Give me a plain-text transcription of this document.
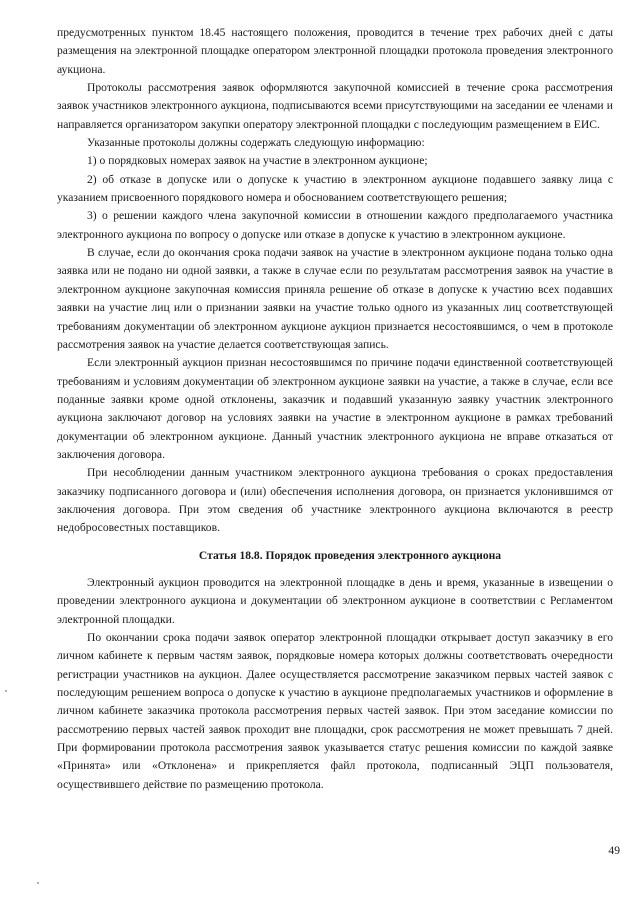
предусмотренных пунктом 18.45 настоящего положения, проводится в течение трех рабочих дней с даты размещения на электронной площадке оператором электронной площадки протокола проведения электронного аукциона.

Протоколы рассмотрения заявок оформляются закупочной комиссией в течение срока рассмотрения заявок участников электронного аукциона, подписываются всеми присутствующими на заседании ее членами и направляется организатором закупки оператору электронной площадки с последующим размещением в ЕИС.

Указанные протоколы должны содержать следующую информацию:

1) о порядковых номерах заявок на участие в электронном аукционе;

2) об отказе в допуске или о допуске к участию в электронном аукционе подавшего заявку лица с указанием присвоенного порядкового номера и обоснованием соответствующего решения;

3) о решении каждого члена закупочной комиссии в отношении каждого предполагаемого участника электронного аукциона по вопросу о допуске или отказе в допуске к участию в электронном аукционе.

В случае, если до окончания срока подачи заявок на участие в электронном аукционе подана только одна заявка или не подано ни одной заявки, а также в случае если по результатам рассмотрения заявок на участие в электронном аукционе закупочная комиссия приняла решение об отказе в допуске к участию всех подавших заявки на участие лиц или о признании заявки на участие только одного из указанных лиц соответствующей требованиям документации об электронном аукционе аукцион признается несостоявшимся, о чем в протоколе рассмотрения заявок на участие делается соответствующая запись.

Если электронный аукцион признан несостоявшимся по причине подачи единственной соответствующей требованиям и условиям документации об электронном аукционе заявки на участие, а также в случае, если все поданные заявки кроме одной отклонены, заказчик и подавший указанную заявку участник электронного аукциона заключают договор на условиях заявки на участие в электронном аукционе в рамках требований документации об электронном аукционе. Данный участник электронного аукциона не вправе отказаться от заключения договора.

При несоблюдении данным участником электронного аукциона требования о сроках предоставления заказчику подписанного договора и (или) обеспечения исполнения договора, он признается уклонившимся от заключения договора. При этом сведения об участнике электронного аукциона включаются в реестр недобросовестных поставщиков.

Статья 18.8. Порядок проведения электронного аукциона

Электронный аукцион проводится на электронной площадке в день и время, указанные в извещении о проведении электронного аукциона и документации об электронном аукционе в соответствии с Регламентом электронной площадки.

По окончании срока подачи заявок оператор электронной площадки открывает доступ заказчику в его личном кабинете к первым частям заявок, порядковые номера которых должны соответствовать очередности регистрации участников на аукцион. Далее осуществляется рассмотрение заказчиком первых частей заявок с последующим решением вопроса о допуске к участию в аукционе предполагаемых участников и оформление в личном кабинете заказчика протокола рассмотрения первых частей заявок. При этом заседание комиссии по рассмотрению первых частей заявок проходит вне площадки, срок рассмотрения не может превышать 7 дней. При формировании протокола рассмотрения заявок указывается статус решения комиссии по каждой заявке «Принята» или «Отклонена» и прикрепляется файл протокола, подписанный ЭЦП пользователя, осуществившего действие по размещению протокола.

49
